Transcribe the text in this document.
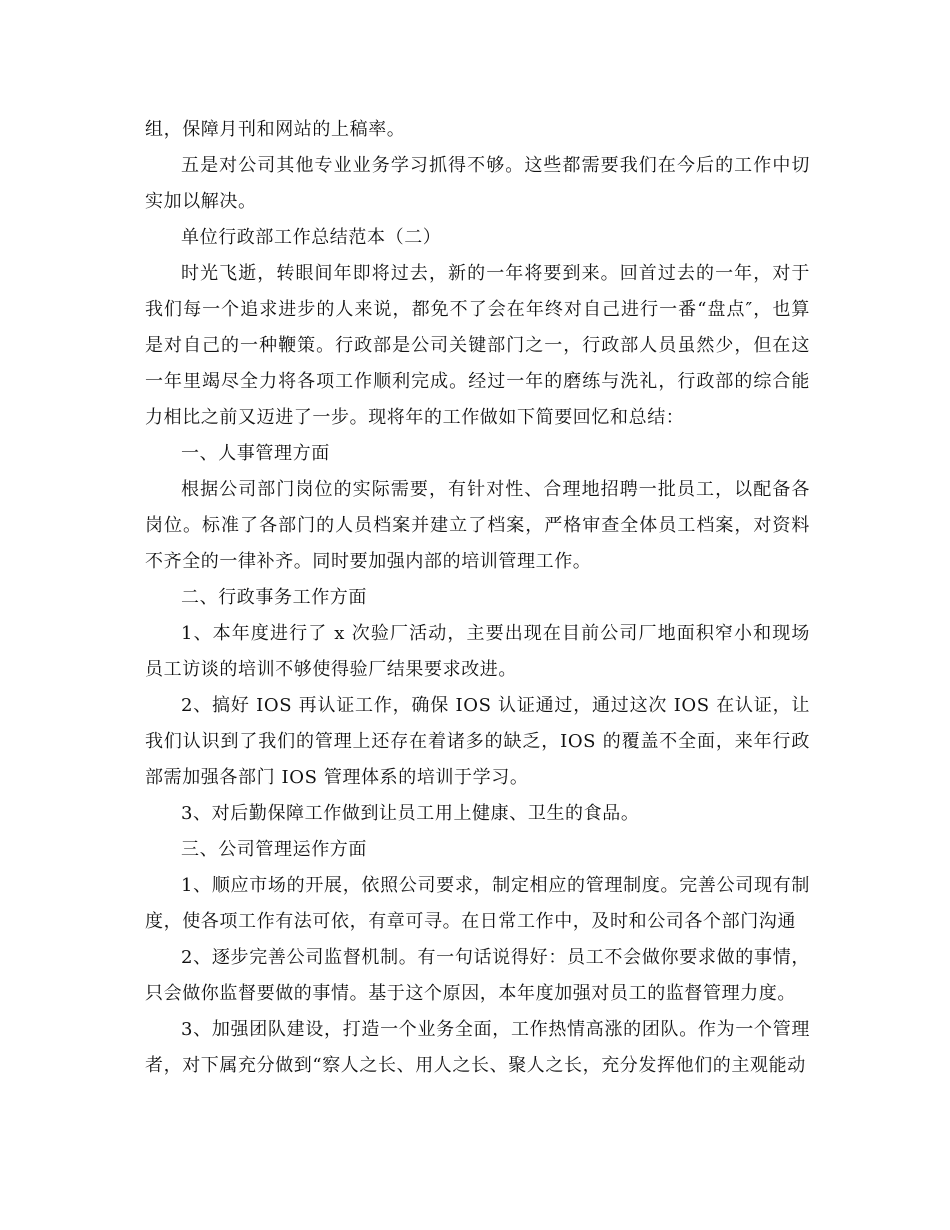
组，保障月刊和网站的上稿率。

五是对公司其他专业业务学习抓得不够。这些都需要我们在今后的工作中切实加以解决。

单位行政部工作总结范本（二）

时光飞逝，转眼间年即将过去，新的一年将要到来。回首过去的一年，对于我们每一个追求进步的人来说，都免不了会在年终对自己进行一番“盘点″，也算是对自己的一种鞭策。行政部是公司关键部门之一，行政部人员虽然少，但在这一年里竭尽全力将各项工作顺利完成。经过一年的磨练与洗礼，行政部的综合能力相比之前又迈进了一步。现将年的工作做如下简要回忆和总结：

一、人事管理方面

根据公司部门岗位的实际需要，有针对性、合理地招聘一批员工，以配备各岗位。标准了各部门的人员档案并建立了档案，严格审查全体员工档案，对资料不齐全的一律补齐。同时要加强内部的培训管理工作。

二、行政事务工作方面

1、本年度进行了 x 次验厂活动，主要出现在目前公司厂地面积窄小和现场员工访谈的培训不够使得验厂结果要求改进。

2、搞好 IOS 再认证工作，确保 IOS 认证通过，通过这次 IOS 在认证，让我们认识到了我们的管理上还存在着诸多的缺乏，IOS 的覆盖不全面，来年行政部需加强各部门 IOS 管理体系的培训于学习。

3、对后勤保障工作做到让员工用上健康、卫生的食品。

三、公司管理运作方面

1、顺应市场的开展，依照公司要求，制定相应的管理制度。完善公司现有制度，使各项工作有法可依，有章可寻。在日常工作中，及时和公司各个部门沟通

2、逐步完善公司监督机制。有一句话说得好：员工不会做你要求做的事情，只会做你监督要做的事情。基于这个原因，本年度加强对员工的监督管理力度。

3、加强团队建设，打造一个业务全面，工作热情高涨的团队。作为一个管理者，对下属充分做到“察人之长、用人之长、聚人之长，充分发挥他们的主观能动
